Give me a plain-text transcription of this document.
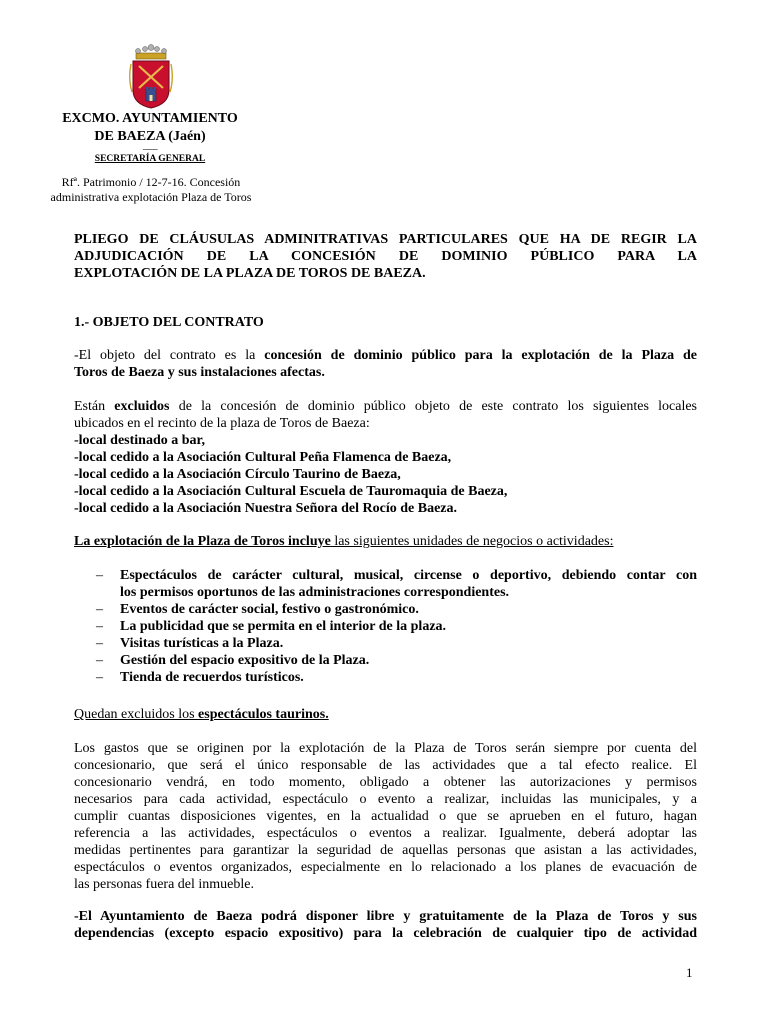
EXCMO. AYUNTAMIENTO
DE BAEZA (Jaén)
--------
SECRETARÍA GENERAL
Rfª. Patrimonio / 12-7-16. Concesión
administrativa explotación Plaza de Toros
PLIEGO DE CLÁUSULAS ADMINITRATIVAS PARTICULARES QUE HA DE REGIR LA
ADJUDICACIÓN DE LA CONCESIÓN DE DOMINIO PÚBLICO PARA LA
EXPLOTACIÓN DE LA PLAZA DE TOROS DE BAEZA.
1.- OBJETO DEL CONTRATO
-El objeto del contrato es la concesión de dominio público para la explotación de la Plaza de
Toros de Baeza y sus instalaciones afectas.
Están excluidos de la concesión de dominio público objeto de este contrato los siguientes locales
ubicados en el recinto de la plaza de Toros de Baeza:
-local destinado a bar,
-local cedido a la Asociación Cultural Peña Flamenca de Baeza,
-local cedido a la Asociación Círculo Taurino de Baeza,
-local cedido a la Asociación Cultural Escuela de Tauromaquia de Baeza,
-local cedido a la Asociación Nuestra Señora del Rocío de Baeza.
La explotación de la Plaza de Toros incluye las siguientes unidades de negocios o actividades:
–	Espectáculos de carácter cultural, musical, circense o deportivo, debiendo contar con
los permisos oportunos de las administraciones correspondientes.
–	Eventos de carácter social, festivo o gastronómico.
–	La publicidad que se permita en el interior de la plaza.
–	Visitas turísticas a la Plaza.
–	Gestión del espacio expositivo de la Plaza.
–	Tienda de recuerdos turísticos.
Quedan excluidos los espectáculos taurinos.
Los gastos que se originen por la explotación de la Plaza de Toros serán siempre por cuenta del
concesionario, que será el único responsable de las actividades que a tal efecto realice. El
concesionario vendrá, en todo momento, obligado a obtener las autorizaciones y permisos
necesarios para cada actividad, espectáculo o evento a realizar, incluidas las municipales, y a
cumplir cuantas disposiciones vigentes, en la actualidad o que se aprueben en el futuro, hagan
referencia a las actividades, espectáculos o eventos a realizar. Igualmente, deberá adoptar las
medidas pertinentes para garantizar la seguridad de aquellas personas que asistan a las actividades,
espectáculos o eventos organizados, especialmente en lo relacionado a los planes de evacuación de
las personas fuera del inmueble.
-El Ayuntamiento de Baeza podrá disponer libre y gratuitamente de la Plaza de Toros y sus
dependencias (excepto espacio expositivo) para la celebración de cualquier tipo de actividad
1
